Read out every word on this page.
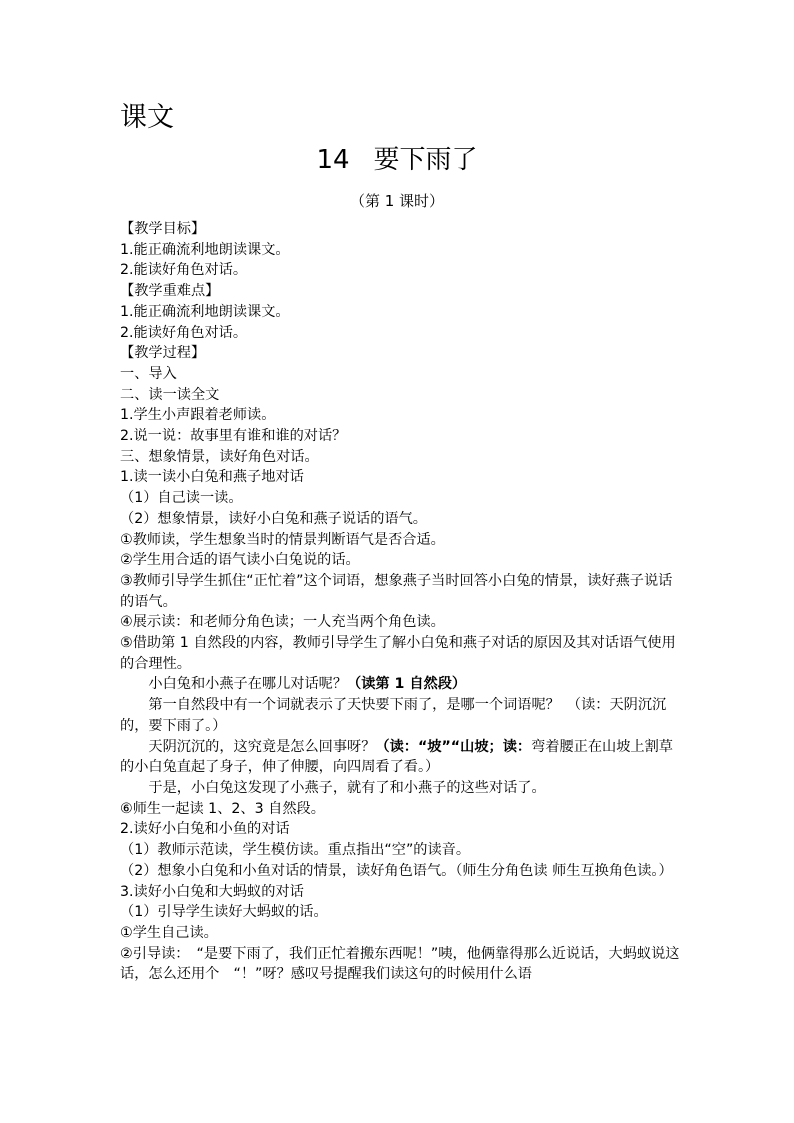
课文
14 要下雨了
（第 1 课时）

【教学目标】

1.能正确流利地朗读课文。

2.能读好角色对话。

【教学重难点】

1.能正确流利地朗读课文。

2.能读好角色对话。

【教学过程】

一、导入

二、读一读全文

1.学生小声跟着老师读。

2.说一说：故事里有谁和谁的对话？

三、想象情景，读好角色对话。

1.读一读小白兔和燕子地对话

（1）自己读一读。

（2）想象情景，读好小白兔和燕子说话的语气。

①教师读，学生想象当时的情景判断语气是否合适。

②学生用合适的语气读小白兔说的话。

③教师引导学生抓住“正忙着”这个词语，想象燕子当时回答小白兔的情景，读好燕子说话的语气。

④展示读：和老师分角色读；一人充当两个角色读。

⑤借助第 1 自然段的内容，教师引导学生了解小白兔和燕子对话的原因及其对话语气使用的合理性。

小白兔和小燕子在哪儿对话呢？（读第 1 自然段）

第一自然段中有一个词就表示了天快要下雨了，是哪一个词语呢？　（读：天阴沉沉的，要下雨了。）

天阴沉沉的，这究竟是怎么回事呀？（读：“坡”“山坡；读：弯着腰正在山坡上割草的小白兔直起了身子，伸了伸腰，向四周看了看。）

于是，小白兔这发现了小燕子，就有了和小燕子的这些对话了。

⑥师生一起读 1、2、3 自然段。

2.读好小白兔和小鱼的对话

（1）教师示范读，学生模仿读。重点指出“空”的读音。

（2）想象小白兔和小鱼对话的情景，读好角色语气。（师生分角色读 师生互换角色读。）

3.读好小白兔和大蚂蚁的对话

（1）引导学生读好大蚂蚁的话。

①学生自己读。

②引导读：　“是要下雨了，我们正忙着搬东西呢！”咦，他俩靠得那么近说话，大蚂蚁说这话，怎么还用个　“！”呀？感叹号提醒我们读这句的时候用什么语
